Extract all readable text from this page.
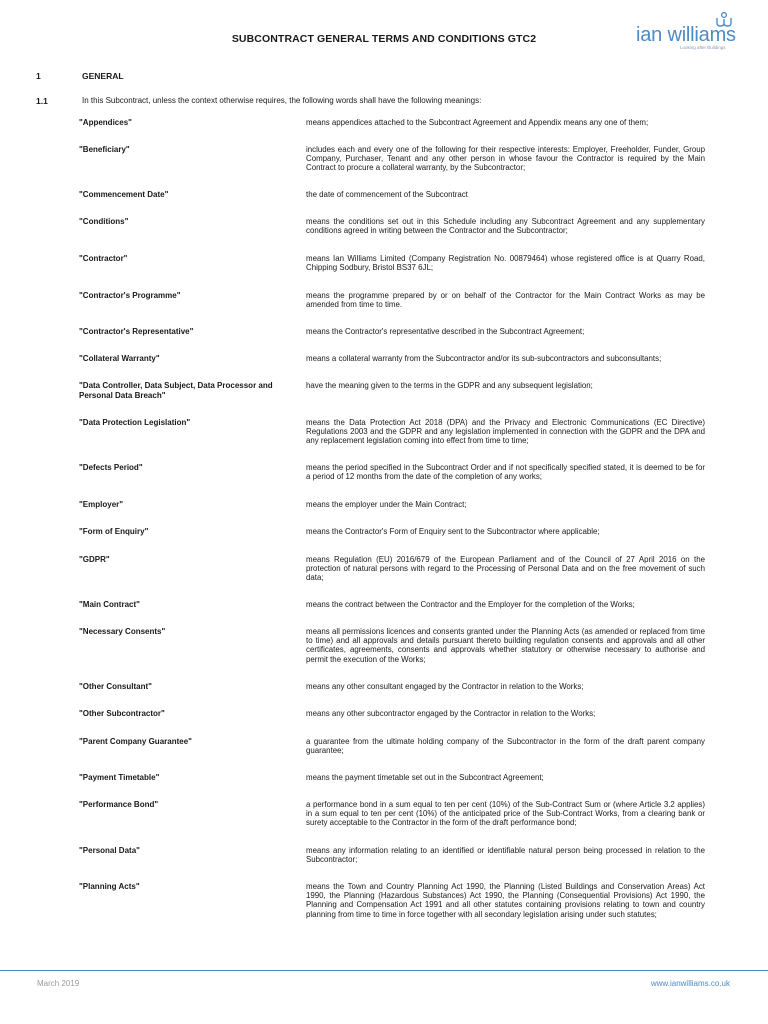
SUBCONTRACT GENERAL TERMS AND CONDITIONS GTC2	ian williams
Looking after Buildings
1	GENERAL
1.1	In this Subcontract, unless the context otherwise requires, the following words shall have the following meanings:
"Appendices"	means appendices attached to the Subcontract Agreement and Appendix means any one of them;
"Beneficiary"	includes each and every one of the following for their respective interests: Employer, Freeholder, Funder, Group Company, Purchaser, Tenant and any other person in whose favour the Contractor is required by the Main Contract to procure a collateral warranty, by the Subcontractor;
"Commencement Date"	the date of commencement of the Subcontract
"Conditions"	means the conditions set out in this Schedule including any Subcontract Agreement and any supplementary conditions agreed in writing between the Contractor and the Subcontractor;
"Contractor"	means Ian Williams Limited (Company Registration No. 00879464) whose registered office is at Quarry Road, Chipping Sodbury, Bristol BS37 6JL;
"Contractor's Programme"	means the programme prepared by or on behalf of the Contractor for the Main Contract Works as may be amended from time to time.
"Contractor's Representative"	means the Contractor's representative described in the Subcontract Agreement;
"Collateral Warranty"	means a collateral warranty from the Subcontractor and/or its sub-subcontractors and subconsultants;
"Data Controller, Data Subject, Data Processor and Personal Data Breach"
have the meaning given to the terms in the GDPR and any subsequent legislation;
"Data Protection Legislation"	means the Data Protection Act 2018 (DPA) and the Privacy and Electronic Communications (EC Directive) Regulations 2003 and the GDPR and any legislation implemented in connection with the GDPR and the DPA and any replacement legislation coming into effect from time to time;
"Defects Period"	means the period specified in the Subcontract Order and if not specifically specified stated, it is deemed to be for a period of 12 months from the date of the completion of any works;
"Employer"	means the employer under the Main Contract;
"Form of Enquiry"	means the Contractor's Form of Enquiry sent to the Subcontractor where applicable;
"GDPR"	means Regulation (EU) 2016/679 of the European Parliament and of the Council of 27 April 2016 on the protection of natural persons with regard to the Processing of Personal Data and on the free movement of such data;
"Main Contract"	means the contract between the Contractor and the Employer for the completion of the Works;
"Necessary Consents"	means all permissions licences and consents granted under the Planning Acts (as amended or replaced from time to time) and all approvals and details pursuant thereto building regulation consents and approvals and all other certificates, agreements, consents and approvals whether statutory or otherwise necessary to authorise and permit the execution of the Works;
"Other Consultant"	means any other consultant engaged by the Contractor in relation to the Works;
"Other Subcontractor"	means any other subcontractor engaged by the Contractor in relation to the Works;
"Parent Company Guarantee"	a guarantee from the ultimate holding company of the Subcontractor in the form of the draft parent company guarantee;
"Payment Timetable"	means the payment timetable set out in the Subcontract Agreement;
"Performance Bond"	a performance bond in a sum equal to ten per cent (10%) of the Sub-Contract Sum or (where Article 3.2 applies) in a sum equal to ten per cent (10%) of the anticipated price of the Sub-Contract Works, from a clearing bank or surety acceptable to the Contractor in the form of the draft performance bond;
"Personal Data"	means any information relating to an identified or identifiable natural person being processed in relation to the Subcontractor;
"Planning Acts"	means the Town and Country Planning Act 1990, the Planning (Listed Buildings and Conservation Areas) Act 1990, the Planning (Hazardous Substances) Act 1990, the Planning (Consequential Provisions) Act 1990, the Planning and Compensation Act 1991 and all other statutes containing provisions relating to town and country planning from time to time in force together with all secondary legislation arising under such statutes;
March 2019	www.ianwilliams.co.uk
